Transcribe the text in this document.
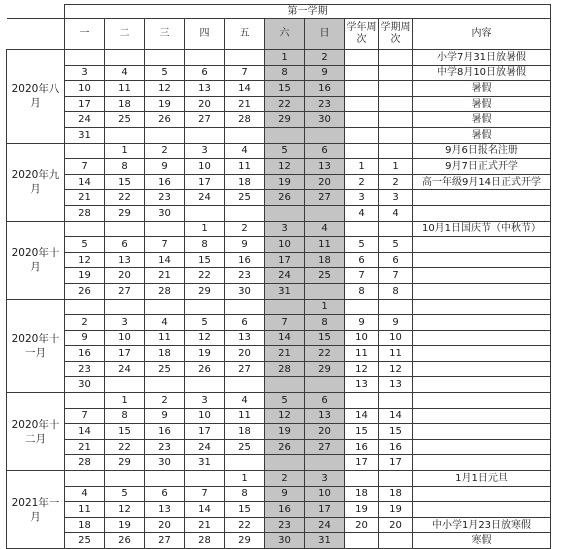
	第一学期									
	一	二	三	四	五	六	日	学年周次	学期周次	内容
2020年八月						1	2			小学7月31日放暑假
	3	4	5	6	7	8	9			中学8月10日放暑假
	10	11	12	13	14	15	16			暑假
	17	18	19	20	21	22	23			暑假
	24	25	26	27	28	29	30			暑假
	31									暑假
2020年九月		1	2	3	4	5	6			9月6日报名注册
	7	8	9	10	11	12	13	1	1	9月7日正式开学
	14	15	16	17	18	19	20	2	2	高一年级9月14日正式开学
	21	22	23	24	25	26	27	3	3	
	28	29	30					4	4	
2020年十月				1	2	3	4			10月1日国庆节（中秋节）
	5	6	7	8	9	10	11	5	5	
	12	13	14	15	16	17	18	6	6	
	19	20	21	22	23	24	25	7	7	
	26	27	28	29	30	31		8	8	
2020年十一月							1			
	2	3	4	5	6	7	8	9	9	
	9	10	11	12	13	14	15	10	10	
	16	17	18	19	20	21	22	11	11	
	23	24	25	26	27	28	29	12	12	
	30							13	13	
2020年十二月		1	2	3	4	5	6			
	7	8	9	10	11	12	13	14	14	
	14	15	16	17	18	19	20	15	15	
	21	22	23	24	25	26	27	16	16	
	28	29	30	31				17	17	
2021年一月					1	2	3			1月1日元旦
	4	5	6	7	8	9	10	18	18	
	11	12	13	14	15	16	17	19	19	
	18	19	20	21	22	23	24	20	20	中小学1月23日放寒假
	25	26	27	28	29	30	31			寒假
